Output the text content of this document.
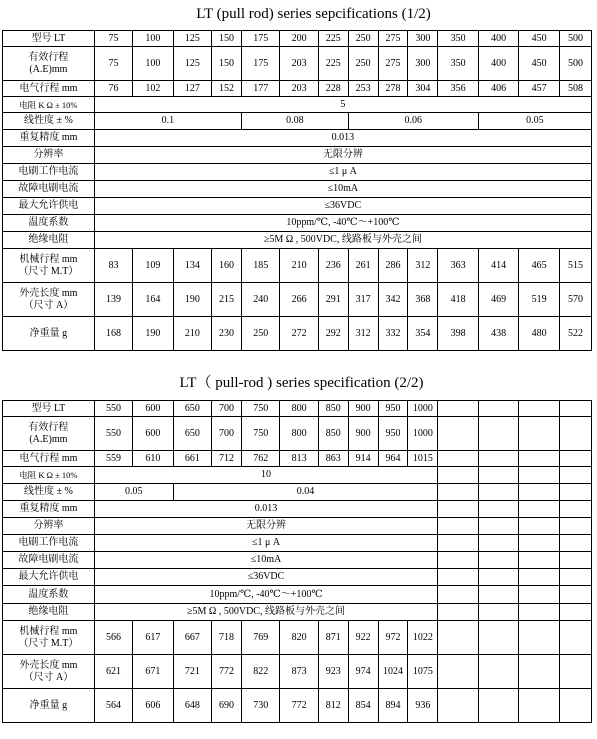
LT (pull rod) series sepcifications (1/2)
型号 LT	75	100	125	150	175	200	225	250	275	300	350	400	450	500
有效行程
(A.E)mm	75	100	125	150	175	203	225	250	275	300	350	400	450	500
电气行程 mm	76	102	127	152	177	203	228	253	278	304	356	406	457	508
电阻 K Ω ± 10%	5													
线性度 ± %	0.1				0.08			0.06				0.05		
重复精度 mm	0.013													
分辨率	无限分辨													
电刷工作电流	≤1 μ A													
故障电刷电流	≤10mA													
最大允许供电	≤36VDC													
温度系数	10ppm/℃, -40℃～+100℃													
绝缘电阻	≥5M Ω , 500VDC, 线路板与外壳之间													
机械行程 mm
（尺寸 M.T）	83	109	134	160	185	210	236	261	286	312	363	414	465	515
外壳长度 mm
（尺寸 A）	139	164	190	215	240	266	291	317	342	368	418	469	519	570
净重量 g	168	190	210	230	250	272	292	312	332	354	398	438	480	522
LT（ pull-rod ) series specification (2/2)
型号 LT	550	600	650	700	750	800	850	900	950	1000				
有效行程
(A.E)mm	550	600	650	700	750	800	850	900	950	1000				
电气行程 mm	559	610	661	712	762	813	863	914	964	1015				
电阻 K Ω ± 10%	10													
线性度 ± %	0.05		0.04											
重复精度 mm	0.013													
分辨率	无限分辨													
电刷工作电流	≤1 μ A													
故障电刷电流	≤10mA													
最大允许供电	≤36VDC													
温度系数	10ppm/℃, -40℃～+100℃													
绝缘电阻	≥5M Ω , 500VDC, 线路板与外壳之间													
机械行程 mm
（尺寸 M.T）	566	617	667	718	769	820	871	922	972	1022				
外壳长度 mm
（尺寸 A）	621	671	721	772	822	873	923	974	1024	1075				
净重量 g	564	606	648	690	730	772	812	854	894	936				
